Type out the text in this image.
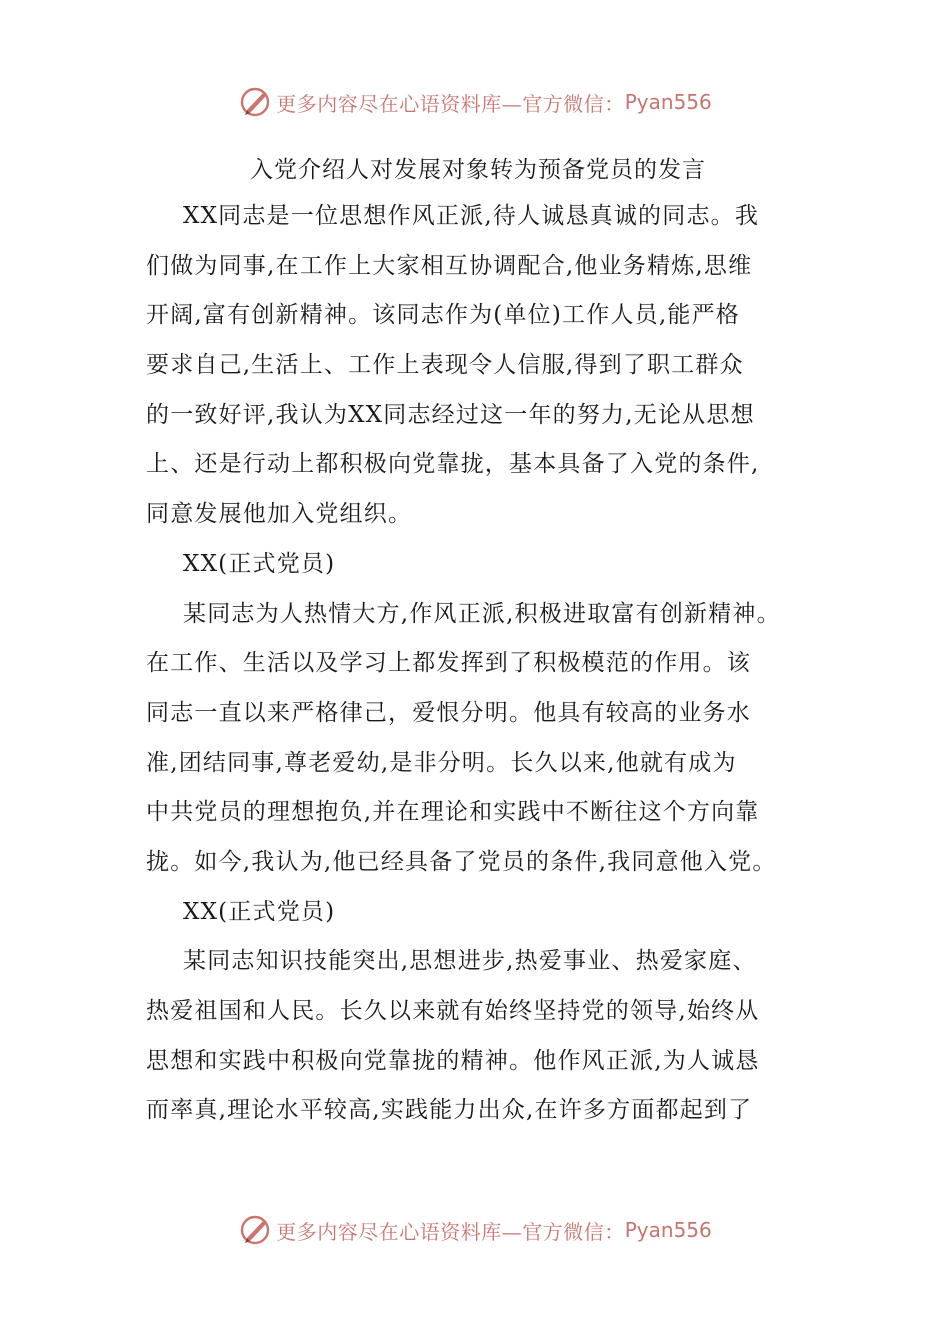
更多内容尽在心语资料库—官方微信： Pyan556
入党介绍人对发展对象转为预备党员的发言
XX同志是一位思想作风正派,待人诚恳真诚的同志。我
们做为同事,在工作上大家相互协调配合,他业务精炼,思维
开阔,富有创新精神。该同志作为(单位)工作人员,能严格
要求自己,生活上、工作上表现令人信服,得到了职工群众
的一致好评,我认为XX同志经过这一年的努力,无论从思想
上、还是行动上都积极向党靠拢，基本具备了入党的条件,
同意发展他加入党组织。
XX(正式党员)
某同志为人热情大方,作风正派,积极进取富有创新精神。
在工作、生活以及学习上都发挥到了积极模范的作用。该
同志一直以来严格律己，爱恨分明。他具有较高的业务水
准,团结同事,尊老爱幼,是非分明。长久以来,他就有成为
中共党员的理想抱负,并在理论和实践中不断往这个方向靠
拢。如今,我认为,他已经具备了党员的条件,我同意他入党。
XX(正式党员)
某同志知识技能突出,思想进步,热爱事业、热爱家庭、
热爱祖国和人民。长久以来就有始终坚持党的领导,始终从
思想和实践中积极向党靠拢的精神。他作风正派,为人诚恳
而率真,理论水平较高,实践能力出众,在许多方面都起到了
更多内容尽在心语资料库—官方微信： Pyan556
